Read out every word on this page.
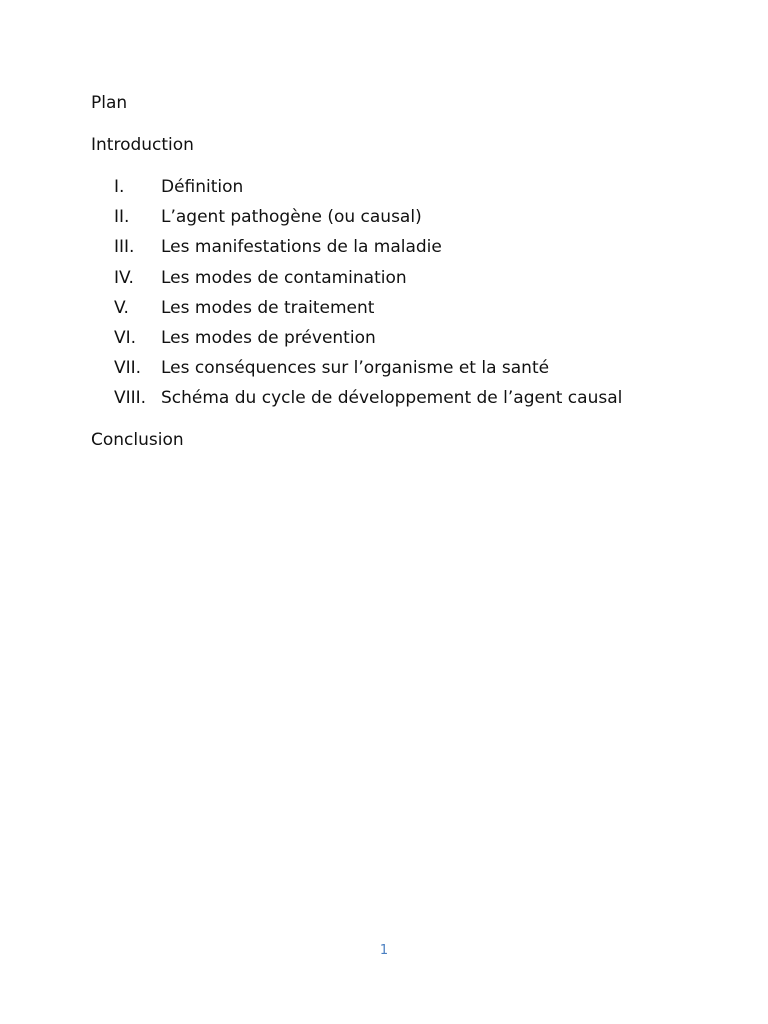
Plan

Introduction

I.	Définition
II.	L’agent pathogène (ou causal)
III.	Les manifestations de la maladie
IV.	Les modes de contamination
V.	Les modes de traitement
VI.	Les modes de prévention
VII.	Les conséquences sur l’organisme et la santé
VIII. Schéma du cycle de développement de l’agent causal

Conclusion

1
